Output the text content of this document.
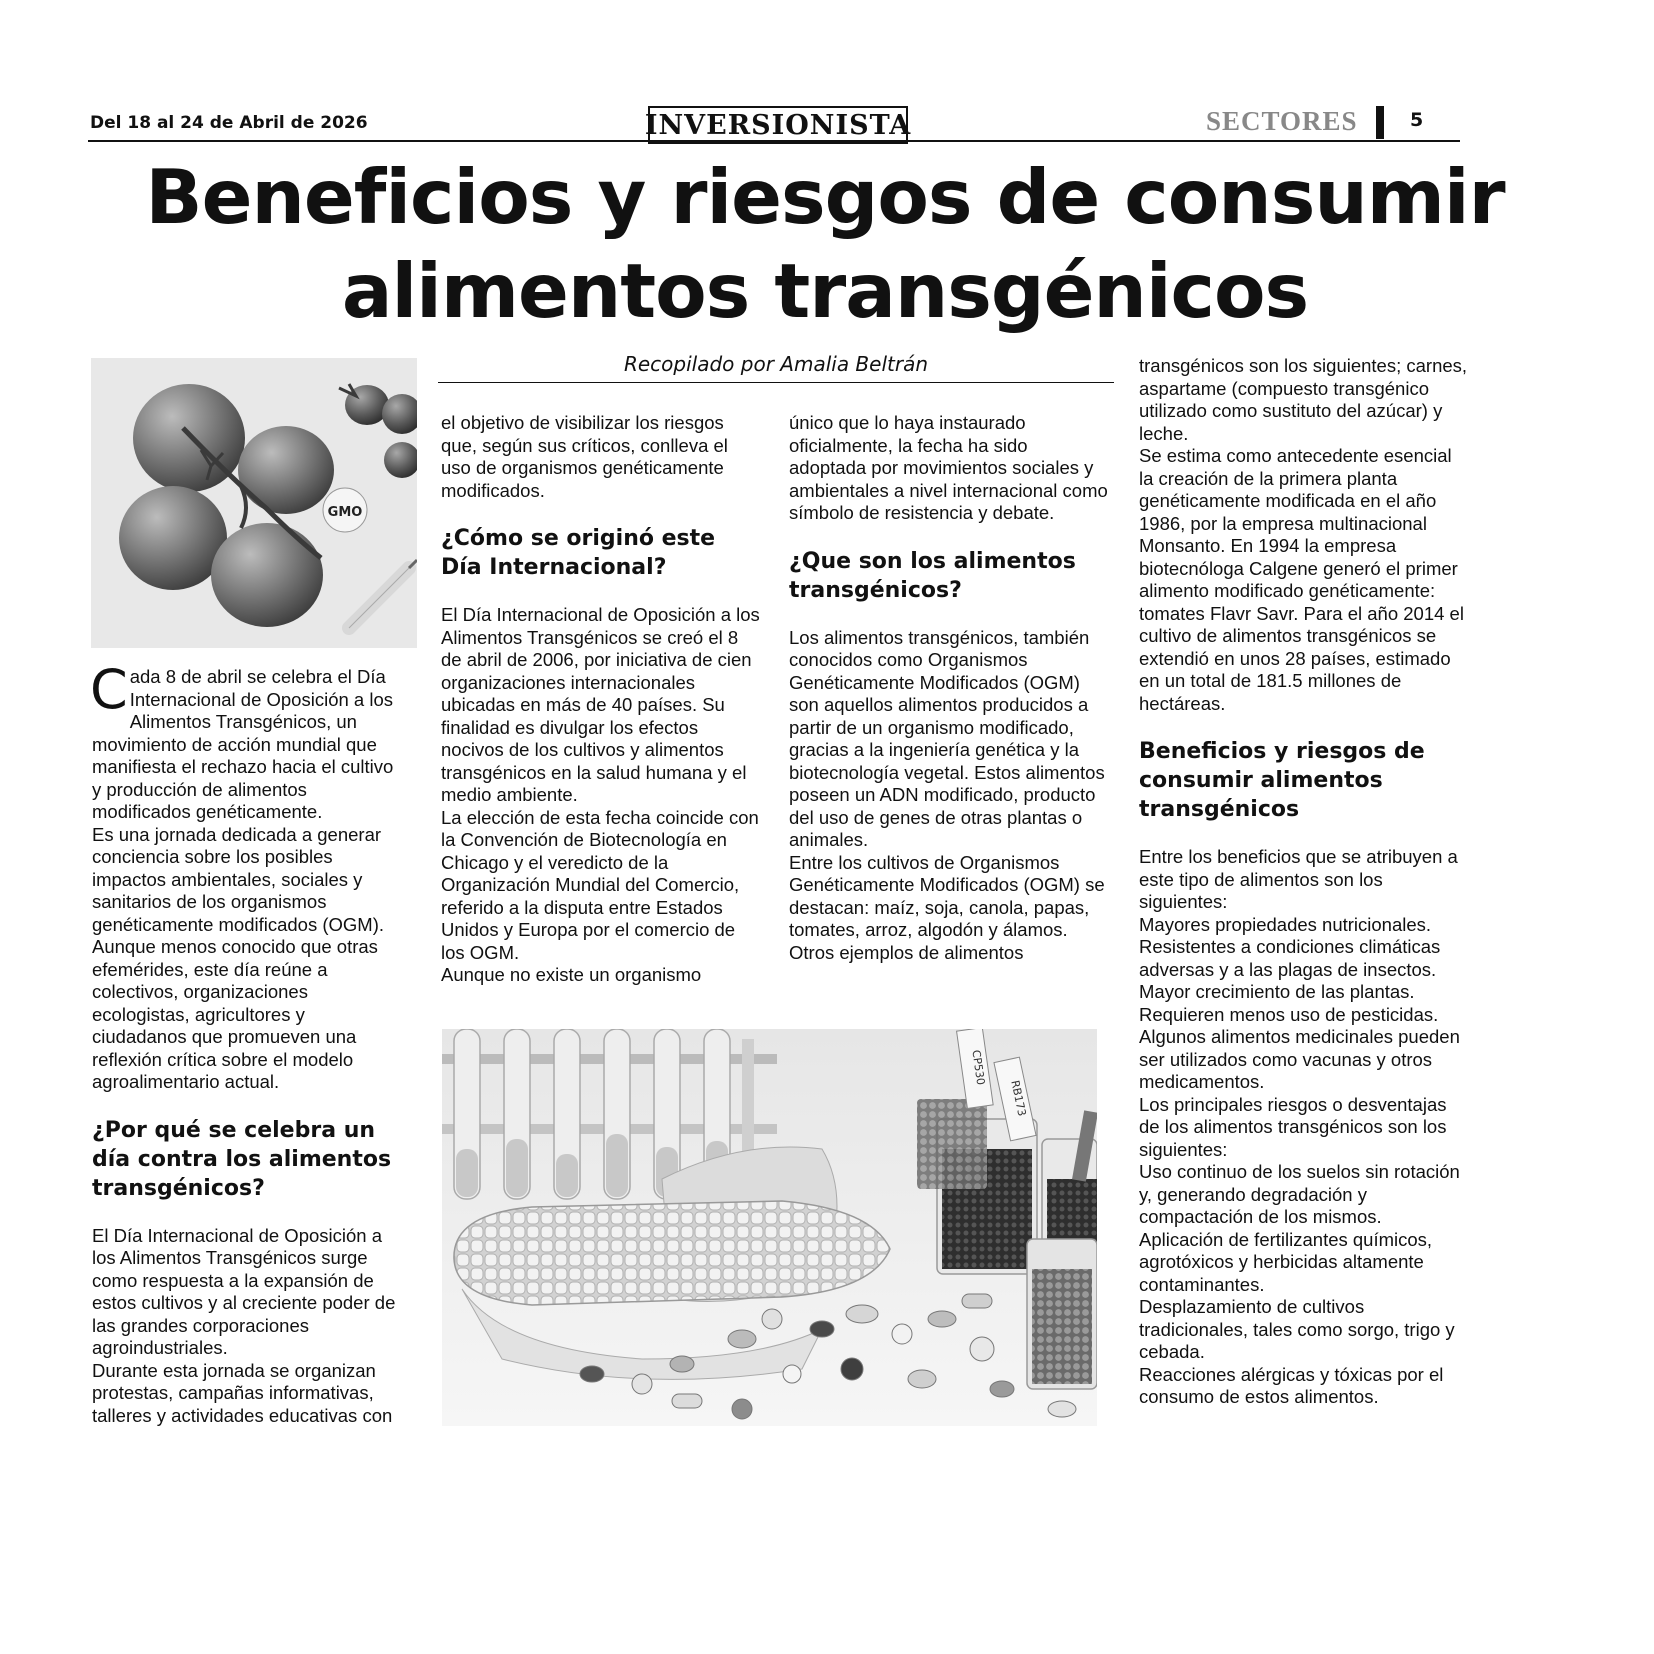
Del 18 al 24 de Abril de 2026	INVERSIONISTA	SECTORES	5
Beneficios y riesgos de consumir
alimentos transgénicos
Recopilado por Amalia Beltrán
GMO

Cada 8 de abril se celebra el Día Internacional de Oposición a los Alimentos Transgénicos, un movimiento de acción mundial que manifiesta el rechazo hacia el cultivo y producción de alimentos modificados genéticamente.

Es una jornada dedicada a generar conciencia sobre los posibles impactos ambientales, sociales y sanitarios de los organismos genéticamente modificados (OGM).

Aunque menos conocido que otras efemérides, este día reúne a colectivos, organizaciones ecologistas, agricultores y ciudadanos que promueven una reflexión crítica sobre el modelo agroalimentario actual.

¿Por qué se celebra un día contra los alimentos transgénicos?

El Día Internacional de Oposición a los Alimentos Transgénicos surge como respuesta a la expansión de estos cultivos y al creciente poder de las grandes corporaciones agroindustriales.

Durante esta jornada se organizan protestas, campañas informativas, talleres y actividades educativas con

el objetivo de visibilizar los riesgos que, según sus críticos, conlleva el uso de organismos genéticamente modificados.

¿Cómo se originó este Día Internacional?

El Día Internacional de Oposición a los Alimentos Transgénicos se creó el 8 de abril de 2006, por iniciativa de cien organizaciones internacionales ubicadas en más de 40 países. Su finalidad es divulgar los efectos nocivos de los cultivos y alimentos transgénicos en la salud humana y el medio ambiente.

La elección de esta fecha coincide con la Convención de Biotecnología en Chicago y el veredicto de la Organización Mundial del Comercio, referido a la disputa entre Estados Unidos y Europa por el comercio de los OGM.

Aunque no existe un organismo

único que lo haya instaurado oficialmente, la fecha ha sido adoptada por movimientos sociales y ambientales a nivel internacional como símbolo de resistencia y debate.

¿Que son los alimentos transgénicos?

Los alimentos transgénicos, también conocidos como Organismos Genéticamente Modificados (OGM) son aquellos alimentos producidos a partir de un organismo modificado, gracias a la ingeniería genética y la biotecnología vegetal. Estos alimentos poseen un ADN modificado, producto del uso de genes de otras plantas o animales.

Entre los cultivos de Organismos Genéticamente Modificados (OGM) se destacan: maíz, soja, canola, papas, tomates, arroz, algodón y álamos.

Otros ejemplos de alimentos

CP530
RB173

transgénicos son los siguientes; carnes, aspartame (compuesto transgénico utilizado como sustituto del azúcar) y leche.

Se estima como antecedente esencial la creación de la primera planta genéticamente modificada en el año 1986, por la empresa multinacional Monsanto. En 1994 la empresa biotecnóloga Calgene generó el primer alimento modificado genéticamente: tomates Flavr Savr. Para el año 2014 el cultivo de alimentos transgénicos se extendió en unos 28 países, estimado en un total de 181.5 millones de hectáreas.

Beneficios y riesgos de consumir alimentos transgénicos

Entre los beneficios que se atribuyen a este tipo de alimentos son los siguientes:

Mayores propiedades nutricionales.

Resistentes a condiciones climáticas adversas y a las plagas de insectos.

Mayor crecimiento de las plantas.

Requieren menos uso de pesticidas.

Algunos alimentos medicinales pueden ser utilizados como vacunas y otros medicamentos.

Los principales riesgos o desventajas de los alimentos transgénicos son los siguientes:

Uso continuo de los suelos sin rotación y, generando degradación y compactación de los mismos.

Aplicación de fertilizantes químicos, agrotóxicos y herbicidas altamente contaminantes.

Desplazamiento de cultivos tradicionales, tales como sorgo, trigo y cebada.

Reacciones alérgicas y tóxicas por el consumo de estos alimentos.
